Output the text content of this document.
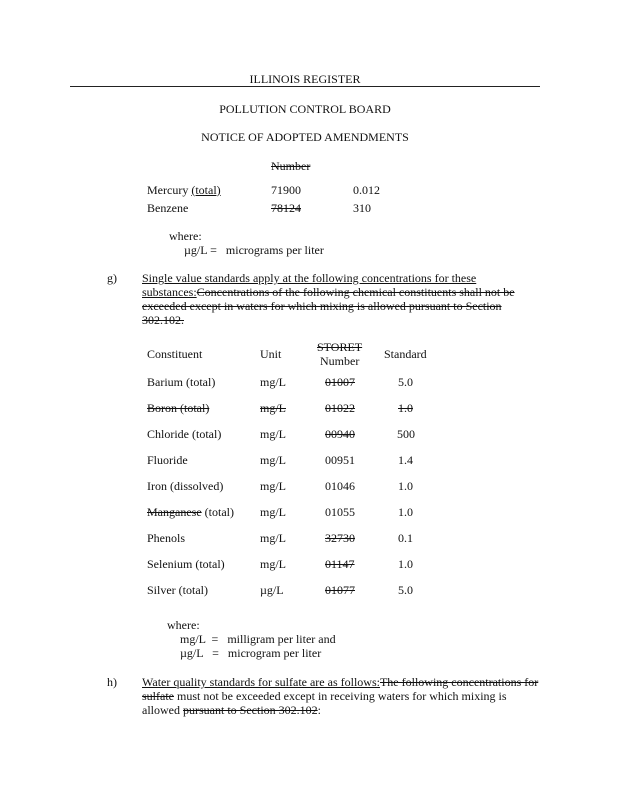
ILLINOIS REGISTER
POLLUTION CONTROL BOARD
NOTICE OF ADOPTED AMENDMENTS
Number
Mercury (total)	71900	0.012
Benzene	78124	310
where:
µg/L =   micrograms per liter
g) Single value standards apply at the following concentrations for these
substances:Concentrations of the following chemical constituents shall not be
exceeded except in waters for which mixing is allowed pursuant to Section
302.102.
Constituent	Unit	STORET
Number Standard
Barium (total)	mg/L	01007	5.0
Boron (total)	mg/L	01022	1.0
Chloride (total)	mg/L	00940	500
Fluoride	mg/L	00951	1.4
Iron (dissolved)	mg/L	01046	1.0
Manganese (total) mg/L	01055	1.0
Phenols	mg/L	32730	0.1
Selenium (total)	mg/L	01147	1.0
Silver (total)	µg/L	01077	5.0
where:
mg/L  =   milligram per liter and
µg/L   =   microgram per liter
h) Water quality standards for sulfate are as follows:The following concentrations for
sulfate must not be exceeded except in receiving waters for which mixing is
allowed pursuant to Section 302.102:
